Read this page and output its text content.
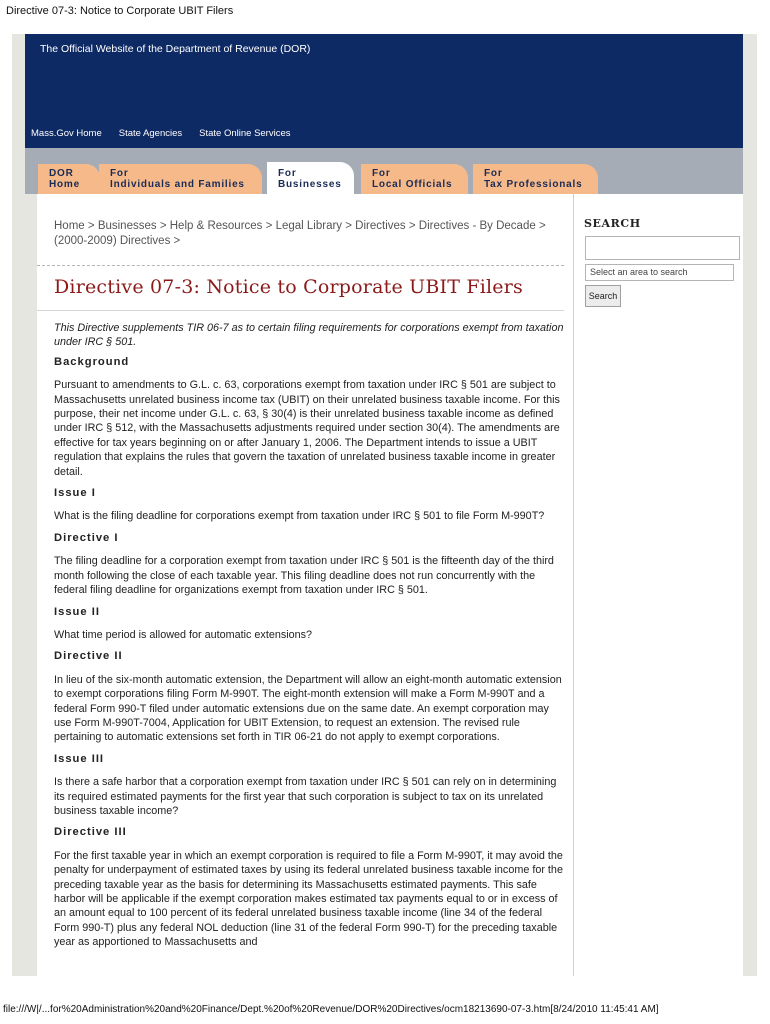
Directive 07-3: Notice to Corporate UBIT Filers
The Official Website of the Department of Revenue (DOR)
Mass.Gov Home State Agencies State Online Services
DOR
Home
For
Individuals and Families
For
Businesses
For
Local Officials
For
Tax Professionals
Home > Businesses > Help & Resources > Legal Library > Directives > Directives - By Decade > (2000-2009) Directives >
Directive 07-3: Notice to Corporate UBIT Filers

This Directive supplements TIR 06-7 as to certain filing requirements for corporations exempt from taxation under IRC § 501.

Background

Pursuant to amendments to G.L. c. 63, corporations exempt from taxation under IRC § 501 are subject to Massachusetts unrelated business income tax (UBIT) on their unrelated business taxable income. For this purpose, their net income under G.L. c. 63, § 30(4) is their unrelated business taxable income as defined under IRC § 512, with the Massachusetts adjustments required under section 30(4). The amendments are effective for tax years beginning on or after January 1, 2006. The Department intends to issue a UBIT regulation that explains the rules that govern the taxation of unrelated business taxable income in greater detail.

Issue I

What is the filing deadline for corporations exempt from taxation under IRC § 501 to file Form M-990T?

Directive I

The filing deadline for a corporation exempt from taxation under IRC § 501 is the fifteenth day of the third month following the close of each taxable year. This filing deadline does not run concurrently with the federal filing deadline for organizations exempt from taxation under IRC § 501.

Issue II

What time period is allowed for automatic extensions?

Directive II

In lieu of the six-month automatic extension, the Department will allow an eight-month automatic extension to exempt corporations filing Form M-990T. The eight-month extension will make a Form M-990T and a federal Form 990-T filed under automatic extensions due on the same date. An exempt corporation may use Form M-990T-7004, Application for UBIT Extension, to request an extension. The revised rule pertaining to automatic extensions set forth in TIR 06-21 do not apply to exempt corporations.

Issue III

Is there a safe harbor that a corporation exempt from taxation under IRC § 501 can rely on in determining its required estimated payments for the first year that such corporation is subject to tax on its unrelated business taxable income?

Directive III

For the first taxable year in which an exempt corporation is required to file a Form M-990T, it may avoid the penalty for underpayment of estimated taxes by using its federal unrelated business taxable income for the preceding taxable year as the basis for determining its Massachusetts estimated payments. This safe harbor will be applicable if the exempt corporation makes estimated tax payments equal to or in excess of an amount equal to 100 percent of its federal unrelated business taxable income (line 34 of the federal Form 990-T) plus any federal NOL deduction (line 31 of the federal Form 990-T) for the preceding taxable year as apportioned to Massachusetts and

SEARCH
Select an area to search
Search
file:///W|/...for%20Administration%20and%20Finance/Dept.%20of%20Revenue/DOR%20Directives/ocm18213690-07-3.htm[8/24/2010 11:45:41 AM]
